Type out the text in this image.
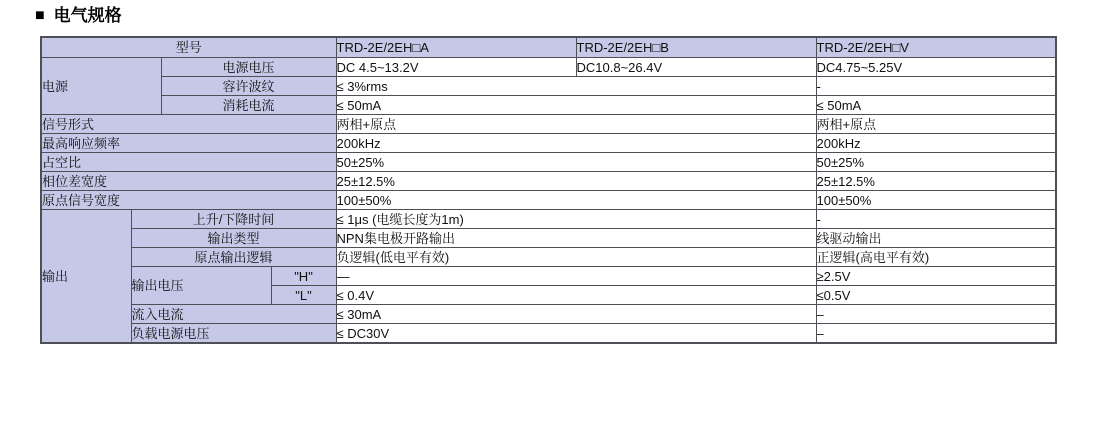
■ 电气规格
型号				TRD-2E/2EH□A	TRD-2E/2EH□B	TRD-2E/2EH□V
电源		电源电压		DC 4.5~13.2V	DC10.8~26.4V	DC4.75~5.25V
		容许波纹		≤ 3%rms		-
		消耗电流		≤ 50mA		≤ 50mA
信号形式				两相+原点		两相+原点
最高响应频率				200kHz		200kHz
占空比				50±25%		50±25%
相位差宽度				25±12.5%		25±12.5%
原点信号宽度				100±50%		100±50%
输出	上升/下降时间			≤ 1μs (电缆长度为1m)		-
	输出类型			NPN集电极开路输出		线驱动输出
	原点输出逻辑			负逻辑(低电平有效)		正逻辑(高电平有效)
	输出电压		"H"	—		≥2.5V
			"L"	≤ 0.4V		≤0.5V
	流入电流			≤ 30mA		–
	负载电源电压			≤ DC30V		–
